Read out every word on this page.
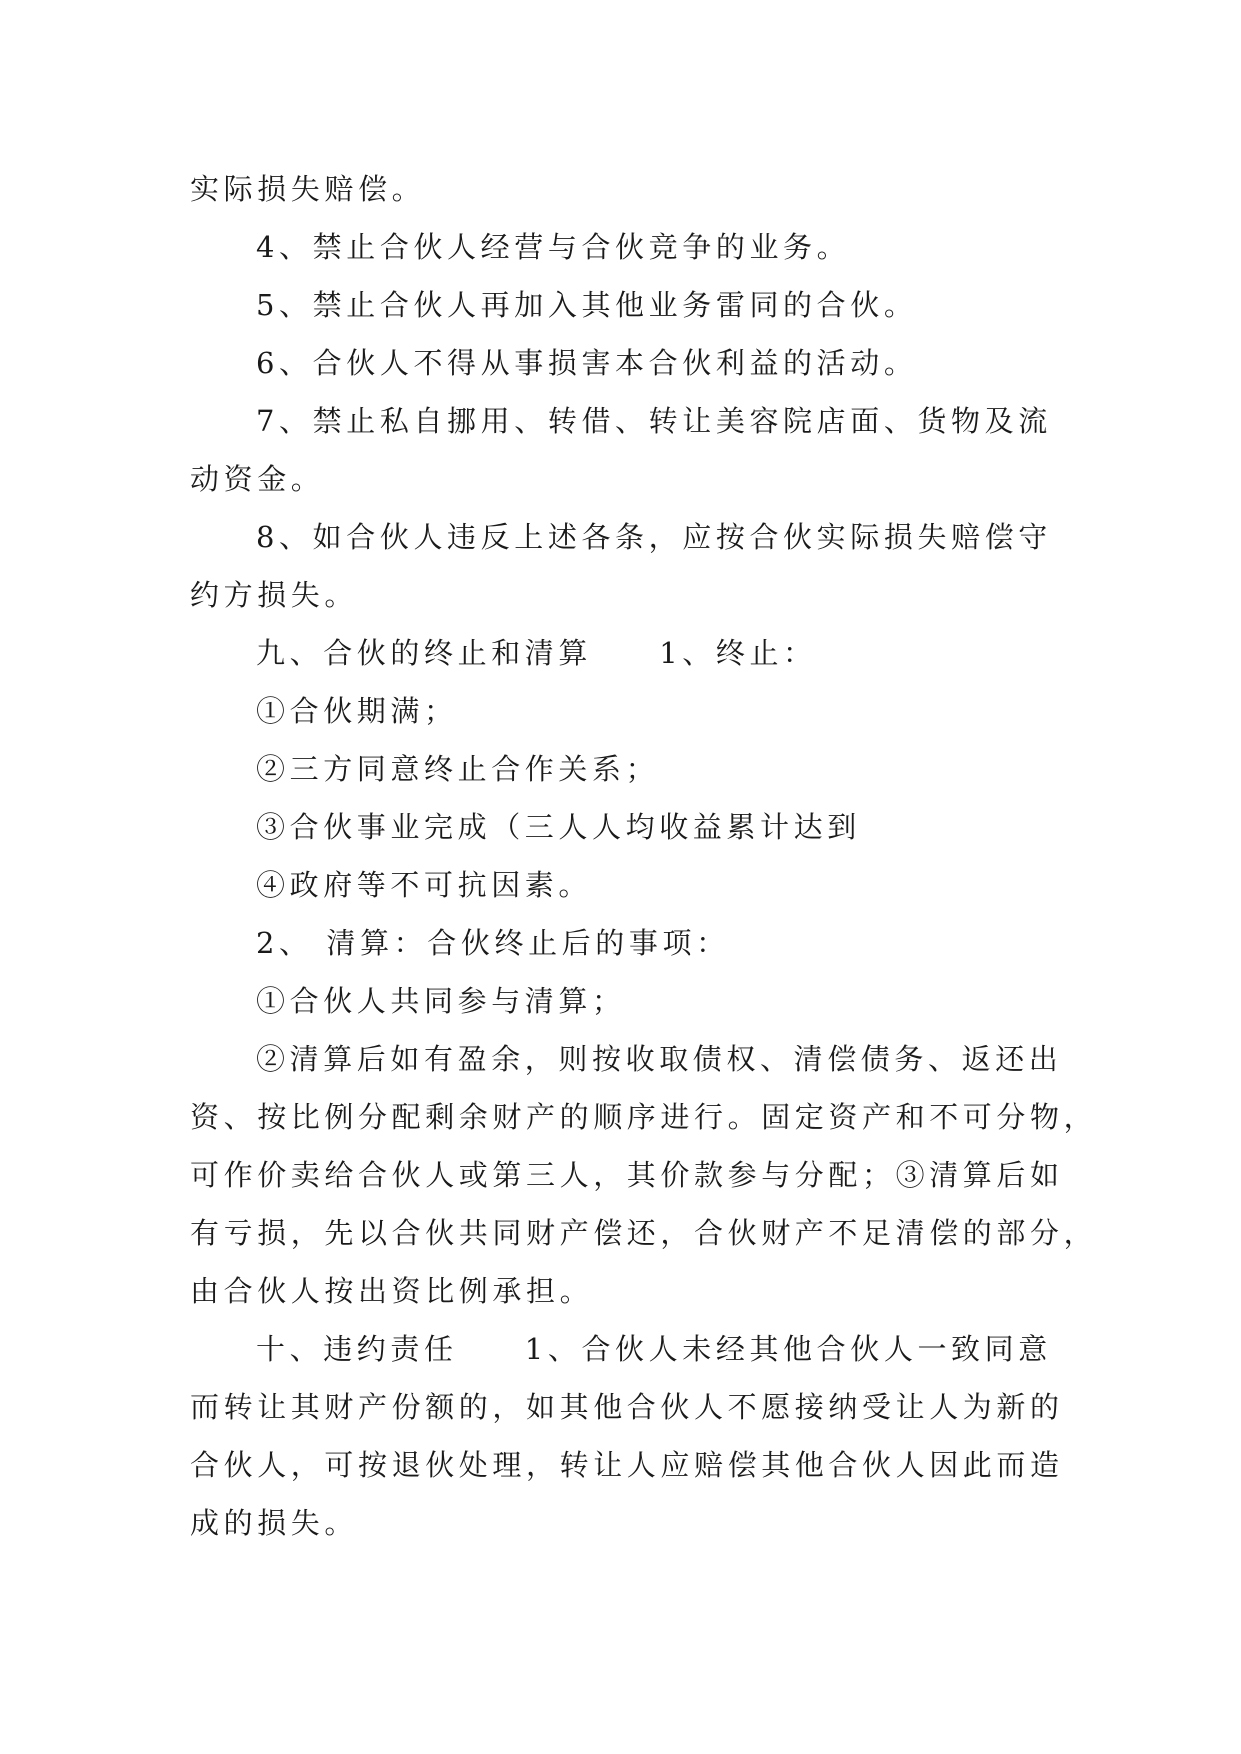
实际损失赔偿。
4、禁止合伙人经营与合伙竞争的业务。
5、禁止合伙人再加入其他业务雷同的合伙。
6、合伙人不得从事损害本合伙利益的活动。
7、禁止私自挪用、转借、转让美容院店面、货物及流
动资金。
8、如合伙人违反上述各条，应按合伙实际损失赔偿守
约方损失。
九、合伙的终止和清算　　1、终止：
①合伙期满；
②三方同意终止合作关系；
③合伙事业完成（三人人均收益累计达到
④政府等不可抗因素。
2、 清算：合伙终止后的事项：
①合伙人共同参与清算；
②清算后如有盈余，则按收取债权、清偿债务、返还出
资、按比例分配剩余财产的顺序进行。固定资产和不可分物，
可作价卖给合伙人或第三人，其价款参与分配；③清算后如
有亏损，先以合伙共同财产偿还，合伙财产不足清偿的部分，
由合伙人按出资比例承担。
十、违约责任　　1、合伙人未经其他合伙人一致同意
而转让其财产份额的，如其他合伙人不愿接纳受让人为新的
合伙人，可按退伙处理，转让人应赔偿其他合伙人因此而造
成的损失。
